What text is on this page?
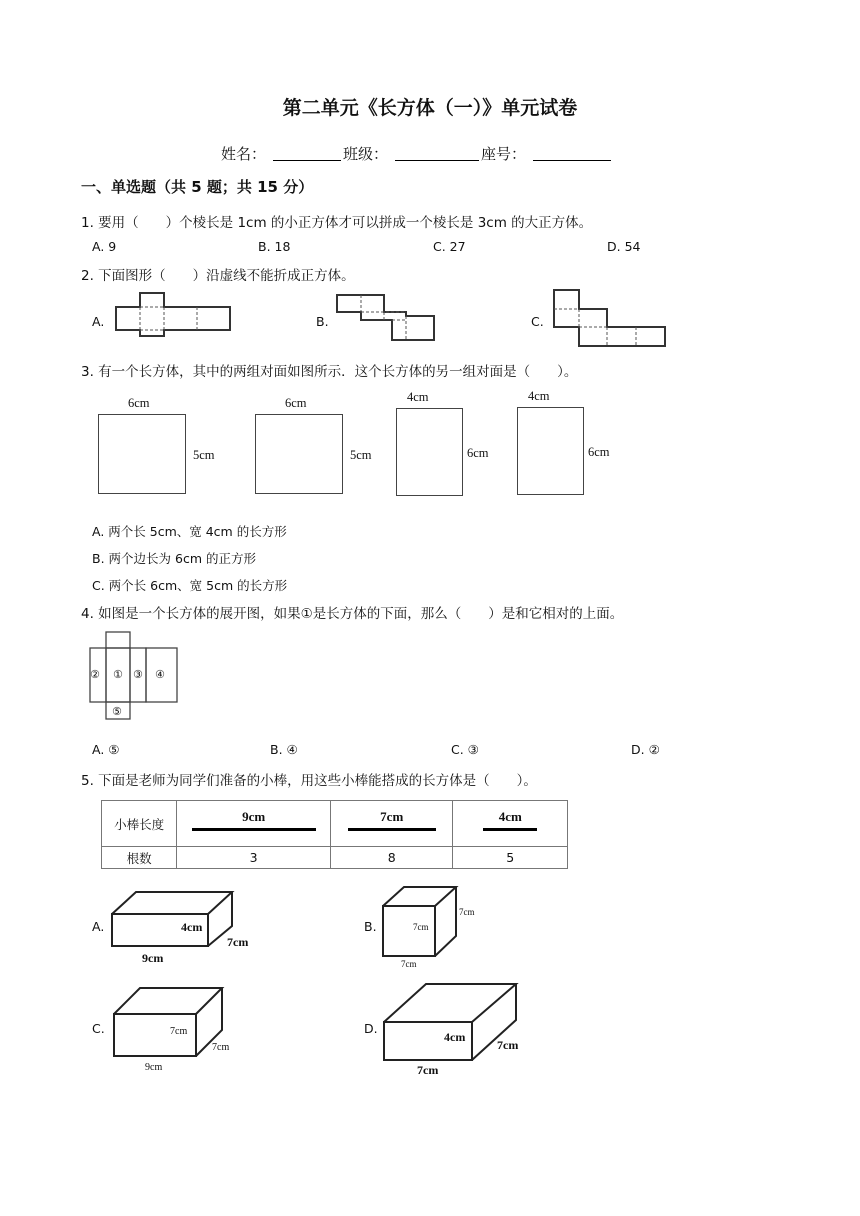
第二单元《长方体（一）》单元试卷
姓名：	班级：	座号：
一、单选题（共 5 题；共 15 分）
1. 要用（　　）个棱长是 1cm 的小正方体才可以拼成一个棱长是 3cm 的大正方体。
A. 9	B. 18	C. 27	D. 54
2. 下面图形（　　）沿虚线不能折成正方体。
A.	B.	C.
3. 有一个长方体，其中的两组对面如图所示．这个长方体的另一组对面是（　　）。
6cm
5cm
6cm
5cm
4cm
6cm
4cm
6cm
A. 两个长 5cm、宽 4cm 的长方形
B. 两个边长为 6cm 的正方形
C. 两个长 6cm、宽 5cm 的长方形
4. 如图是一个长方体的展开图，如果①是长方体的下面，那么（　　）是和它相对的上面。
② ① ③ ④
⑤
A. ⑤	B. ④	C. ③	D. ②
5. 下面是老师为同学们准备的小棒，用这些小棒能搭成的长方体是（　　）。
小棒长度	9cm	7cm	4cm

根数	3	8	5
A.	4cm
7cm
9cm
B.	7cm
7cm
7cm
C.	7cm
7cm
9cm
D.
4cm
7cm
7cm
